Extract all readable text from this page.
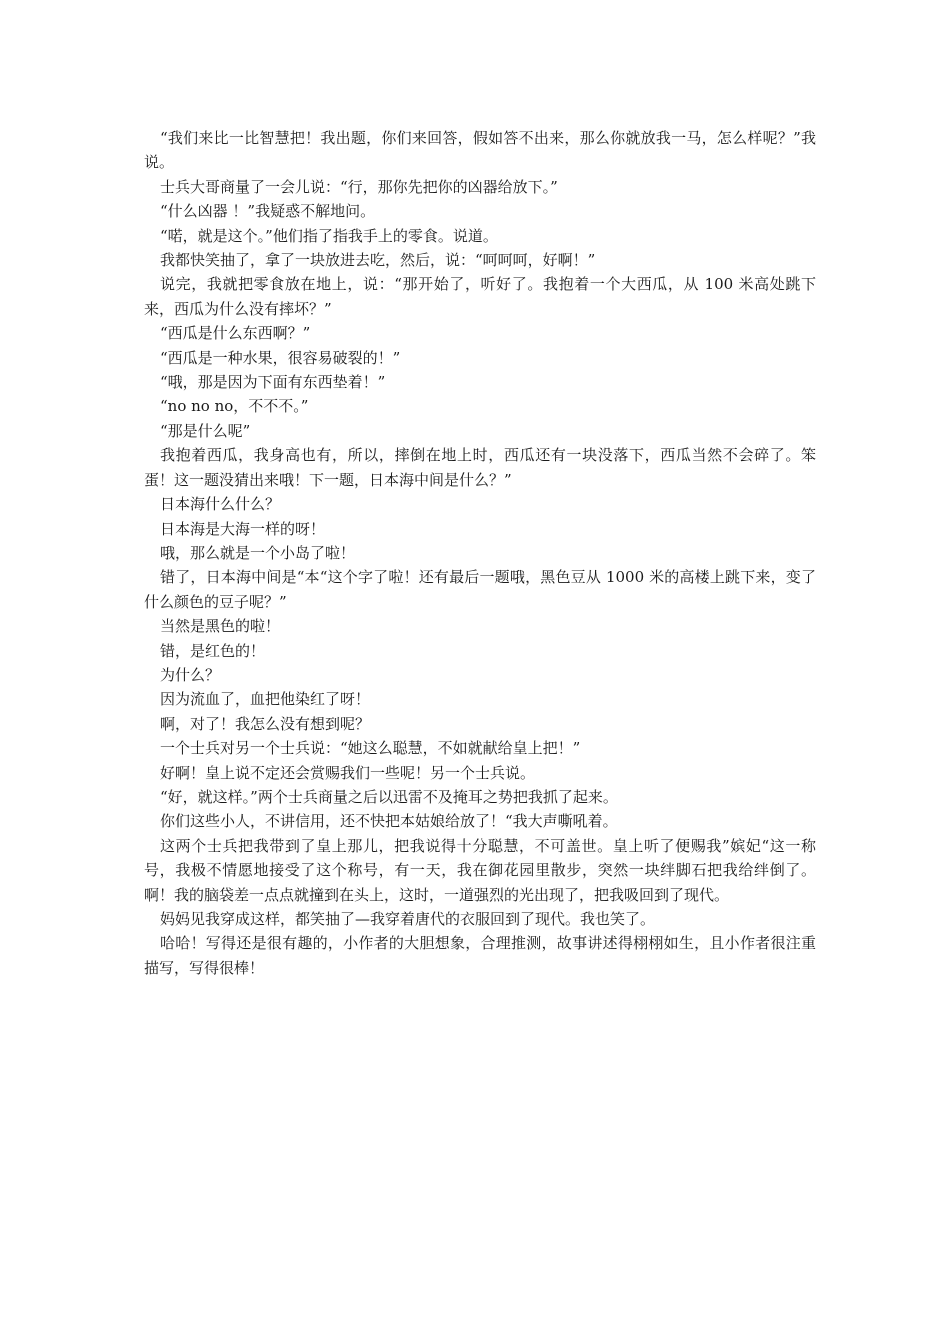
“我们来比一比智慧把！我出题，你们来回答，假如答不出来，那么你就放我一马，怎么样呢？”我说。

士兵大哥商量了一会儿说：“行，那你先把你的凶器给放下。”

“什么凶器 ！”我疑惑不解地问。

“喏，就是这个。”他们指了指我手上的零食。说道。

我都快笑抽了，拿了一块放进去吃，然后，说：“呵呵呵，好啊！”

说完，我就把零食放在地上，说：“那开始了，听好了。我抱着一个大西瓜，从 100 米高处跳下来，西瓜为什么没有摔坏？”

“西瓜是什么东西啊？”

“西瓜是一种水果，很容易破裂的！”

“哦，那是因为下面有东西垫着！”

“no no no，不不不。”

“那是什么呢”

我抱着西瓜，我身高也有，所以，摔倒在地上时，西瓜还有一块没落下，西瓜当然不会碎了。笨蛋！这一题没猜出来哦！下一题，日本海中间是什么？”

日本海什么什么？

日本海是大海一样的呀！

哦，那么就是一个小岛了啦！

错了，日本海中间是“本“这个字了啦！还有最后一题哦，黑色豆从 1000 米的高楼上跳下来，变了什么颜色的豆子呢？”

当然是黑色的啦！

错，是红色的！

为什么？

因为流血了，血把他染红了呀！

啊，对了！我怎么没有想到呢？

一个士兵对另一个士兵说：“她这么聪慧，不如就献给皇上把！”

好啊！皇上说不定还会赏赐我们一些呢！另一个士兵说。

“好，就这样。”两个士兵商量之后以迅雷不及掩耳之势把我抓了起来。

你们这些小人，不讲信用，还不快把本姑娘给放了！“我大声嘶吼着。

这两个士兵把我带到了皇上那儿，把我说得十分聪慧，不可盖世。皇上听了便赐我”嫔妃“这一称号，我极不情愿地接受了这个称号，有一天，我在御花园里散步，突然一块绊脚石把我给绊倒了。啊！我的脑袋差一点点就撞到在头上，这时，一道强烈的光出现了，把我吸回到了现代。

妈妈见我穿成这样，都笑抽了—我穿着唐代的衣服回到了现代。我也笑了。

哈哈！写得还是很有趣的，小作者的大胆想象，合理推测，故事讲述得栩栩如生，且小作者很注重描写，写得很棒！
